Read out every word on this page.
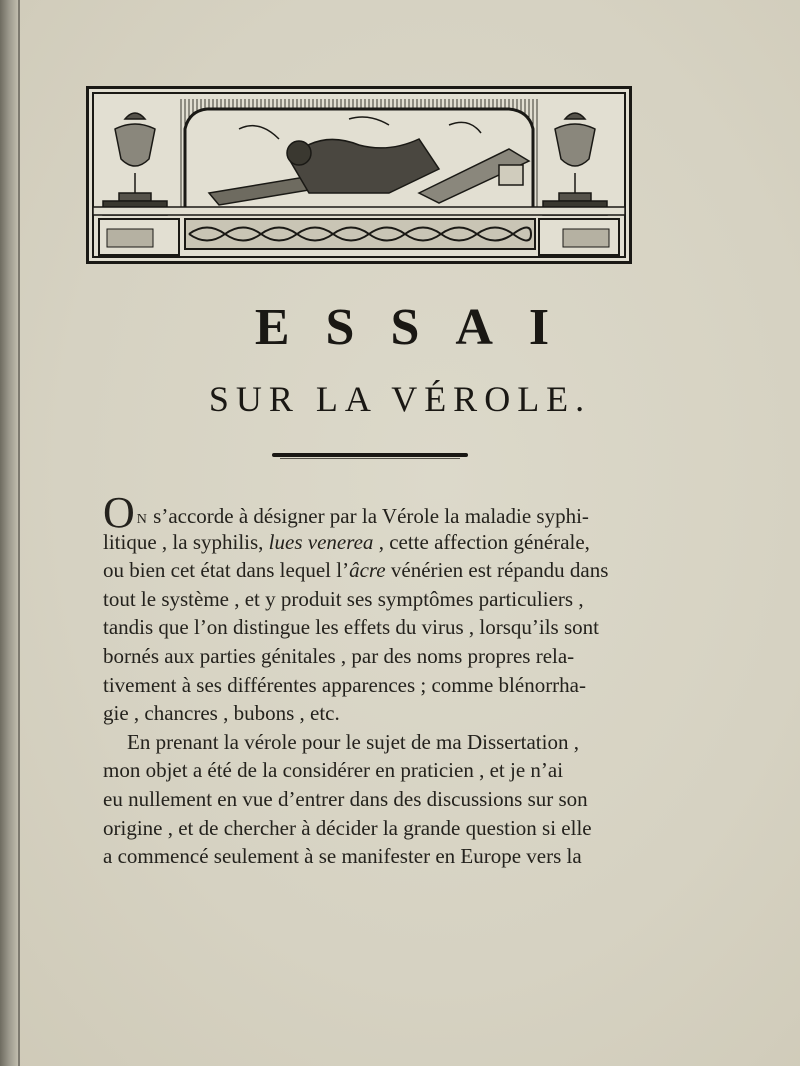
ESSAI
SUR LA VÉROLE.
O N s’accorde à désigner par la Vérole la maladie syphi-
litique , la syphilis, lues venerea , cette affection générale,
ou bien cet état dans lequel l’âcre vénérien est répandu dans
tout le système , et y produit ses symptômes particuliers ,
tandis que l’on distingue les effets du virus , lorsqu’ils sont
bornés aux parties génitales , par des noms propres rela-
tivement à ses différentes apparences ; comme blénorrha-
gie , chancres , bubons , etc.
En prenant la vérole pour le sujet de ma Dissertation ,
mon objet a été de la considérer en praticien , et je n’ai
eu nullement en vue d’entrer dans des discussions sur son
origine , et de chercher à décider la grande question si elle
a commencé seulement à se manifester en Europe vers la
